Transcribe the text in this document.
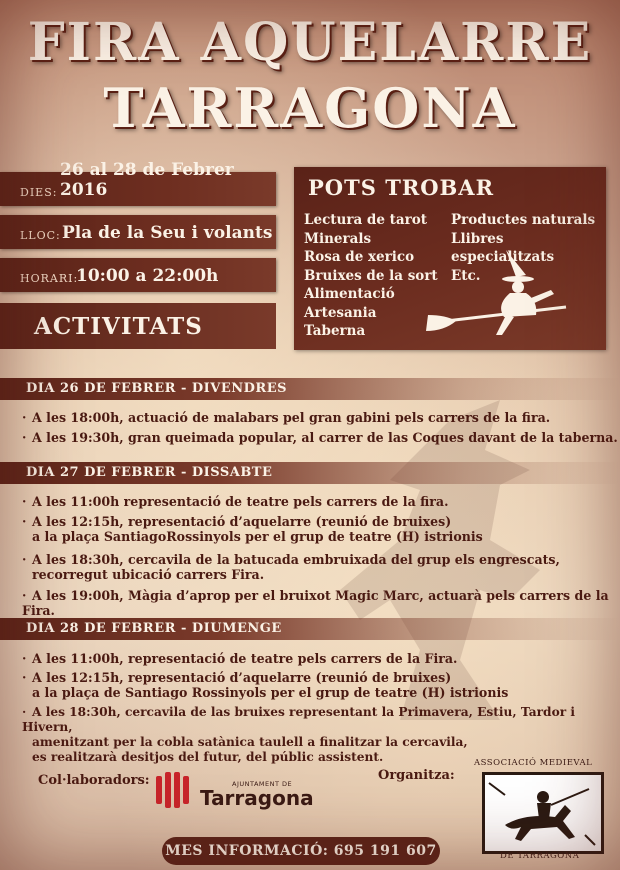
FIRA AQUELARRE
TARRAGONA
DIES:
26 al 28 de Febrer 2016
LLOC: Pla de la Seu i volants
HORARI:
10:00 a 22:00h
POTS TROBAR
Lectura de tarot
Minerals
Rosa de xerico
Bruixes de la sort
Alimentació
Artesania
Taberna
Productes naturals
Llibres especialitzats
Etc.
ACTIVITATS
DIA 26 DE FEBRER - DIVENDRES
· A les 18:00h, actuació de malabars pel gran gabini pels carrers de la fira.
· A les 19:30h, gran queimada popular, al carrer de las Coques davant de la taberna.
DIA 27 DE FEBRER - DISSABTE
· A les 11:00h representació de teatre pels carrers de la fira.
· A les 12:15h, representació d’aquelarre (reunió de bruixes)
a la plaça SantiagoRossinyols per el grup de teatre (H) istrionis
· A les 18:30h, cercavila de la batucada embruixada del grup els engrescats,
recorregut ubicació carrers Fira.
· A les 19:00h, Màgia d’aprop per el bruixot Magic Marc, actuarà pels carrers de la Fira.
DIA 28 DE FEBRER - DIUMENGE
· A les 11:00h, representació de teatre pels carrers de la Fira.
· A les 12:15h, representació d’aquelarre (reunió de bruixes)
a la plaça de Santiago Rossinyols per el grup de teatre (H) istrionis
· A les 18:30h, cercavila de las bruixes representant la Primavera, Estiu, Tardor i Hivern,
amenitzant per la cobla satànica taulell a finalitzar la cercavila,
es realitzarà desitjos del futur, del públic assistent.
Col·laboradors:	Organitza:
AJUNTAMENT DE
Tarragona
ASSOCIACIÓ MEDIEVAL
DE TARRAGONA
MES INFORMACIÓ: 695 191 607
